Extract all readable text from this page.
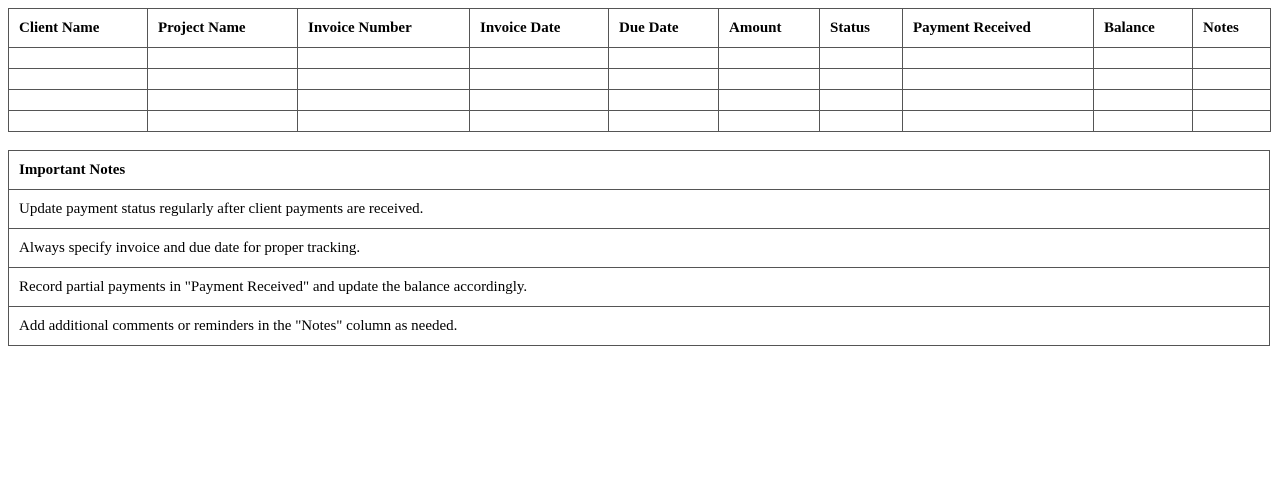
Client Name	Project Name	Invoice Number	Invoice Date	Due Date	Amount	Status	Payment Received	Balance	Notes

Important Notes
Update payment status regularly after client payments are received.
Always specify invoice and due date for proper tracking.
Record partial payments in "Payment Received" and update the balance accordingly.
Add additional comments or reminders in the "Notes" column as needed.
